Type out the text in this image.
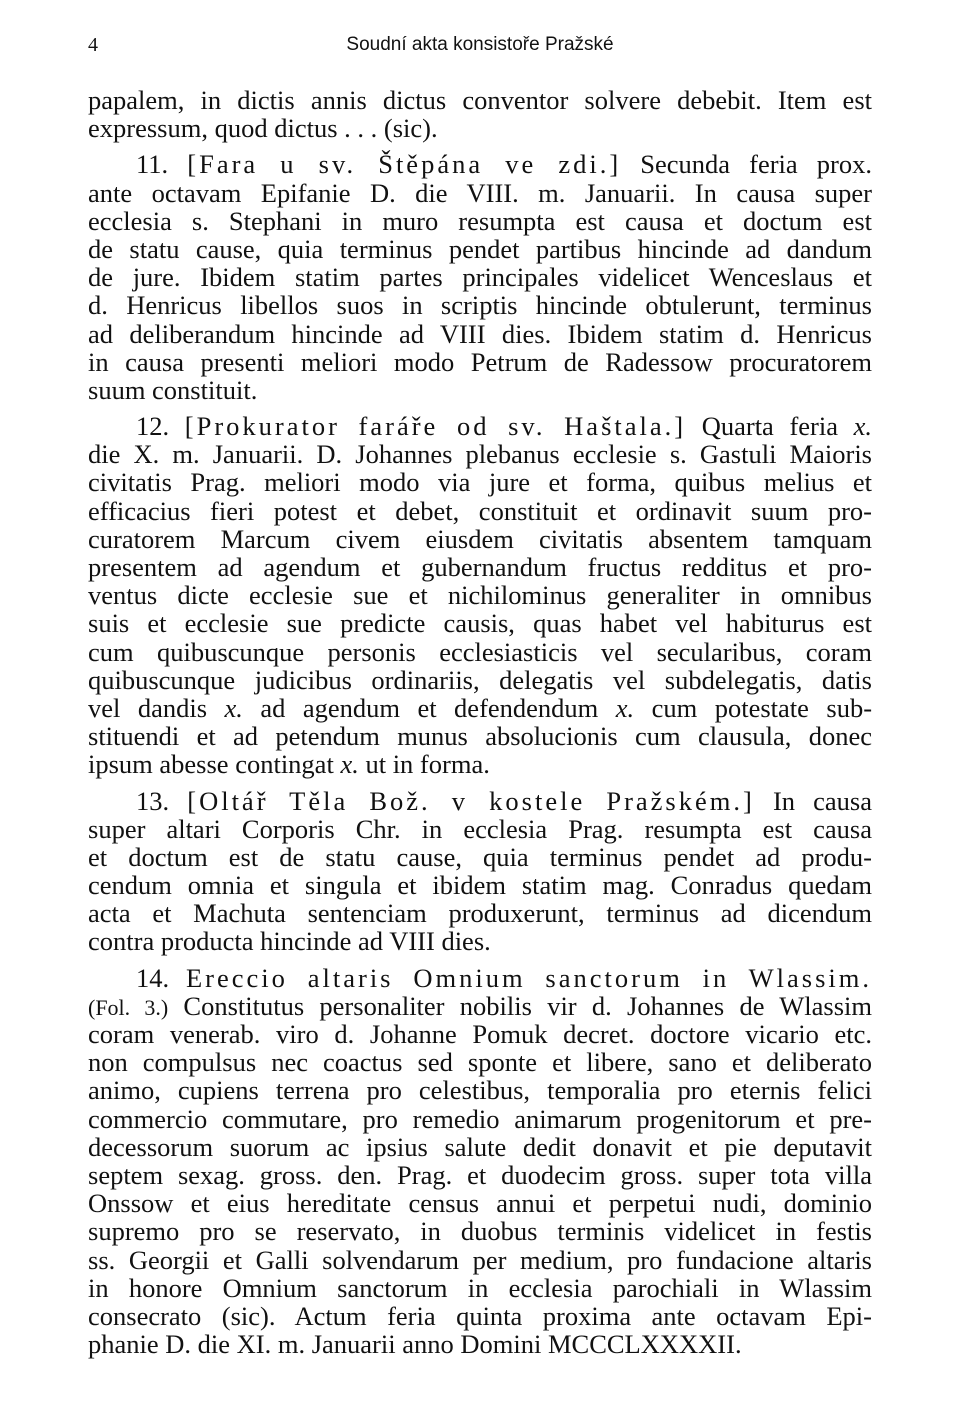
4	Soudní akta konsistoře Pražské
papalem, in dictis annis dictus conventor solvere debebit. Item est
expressum, quod dictus . . . (sic).
11. [Fara u sv. Štěpána ve zdi.] Secunda feria prox.
ante octavam Epifanie D. die VIII. m. Januarii. In causa super
ecclesia s. Stephani in muro resumpta est causa et doctum est
de statu cause, quia terminus pendet partibus hincinde ad dandum
de jure. Ibidem statim partes principales videlicet Wenceslaus et
d. Henricus libellos suos in scriptis hincinde obtulerunt, terminus
ad deliberandum hincinde ad VIII dies. Ibidem statim d. Henricus
in causa presenti meliori modo Petrum de Radessow procuratorem
suum constituit.
12. [Prokurator faráře od sv. Haštala.] Quarta feria x.
die X. m. Januarii. D. Johannes plebanus ecclesie s. Gastuli Maioris
civitatis Prag. meliori modo via jure et forma, quibus melius et
efficacius fieri potest et debet, constituit et ordinavit suum pro-
curatorem Marcum civem eiusdem civitatis absentem tamquam
presentem ad agendum et gubernandum fructus redditus et pro-
ventus dicte ecclesie sue et nichilominus generaliter in omnibus
suis et ecclesie sue predicte causis, quas habet vel habiturus est
cum quibuscunque personis ecclesiasticis vel secularibus, coram
quibuscunque judicibus ordinariis, delegatis vel subdelegatis, datis
vel dandis x. ad agendum et defendendum x. cum potestate sub-
stituendi et ad petendum munus absolucionis cum clausula, donec
ipsum abesse contingat x. ut in forma.
13. [Oltář Těla Bož. v kostele Pražském.] In causa
super altari Corporis Chr. in ecclesia Prag. resumpta est causa
et doctum est de statu cause, quia terminus pendet ad produ-
cendum omnia et singula et ibidem statim mag. Conradus quedam
acta et Machuta sentenciam produxerunt, terminus ad dicendum
contra producta hincinde ad VIII dies.
14. Ereccio altaris Omnium sanctorum in Wlassim.
(Fol. 3.) Constitutus personaliter nobilis vir d. Johannes de Wlassim
coram venerab. viro d. Johanne Pomuk decret. doctore vicario etc.
non compulsus nec coactus sed sponte et libere, sano et deliberato
animo, cupiens terrena pro celestibus, temporalia pro eternis felici
commercio commutare, pro remedio animarum progenitorum et pre-
decessorum suorum ac ipsius salute dedit donavit et pie deputavit
septem sexag. gross. den. Prag. et duodecim gross. super tota villa
Onssow et eius hereditate census annui et perpetui nudi, dominio
supremo pro se reservato, in duobus terminis videlicet in festis
ss. Georgii et Galli solvendarum per medium, pro fundacione altaris
in honore Omnium sanctorum in ecclesia parochiali in Wlassim
consecrato (sic). Actum feria quinta proxima ante octavam Epi-
phanie D. die XI. m. Januarii anno Domini MCCCLXXXXII.
